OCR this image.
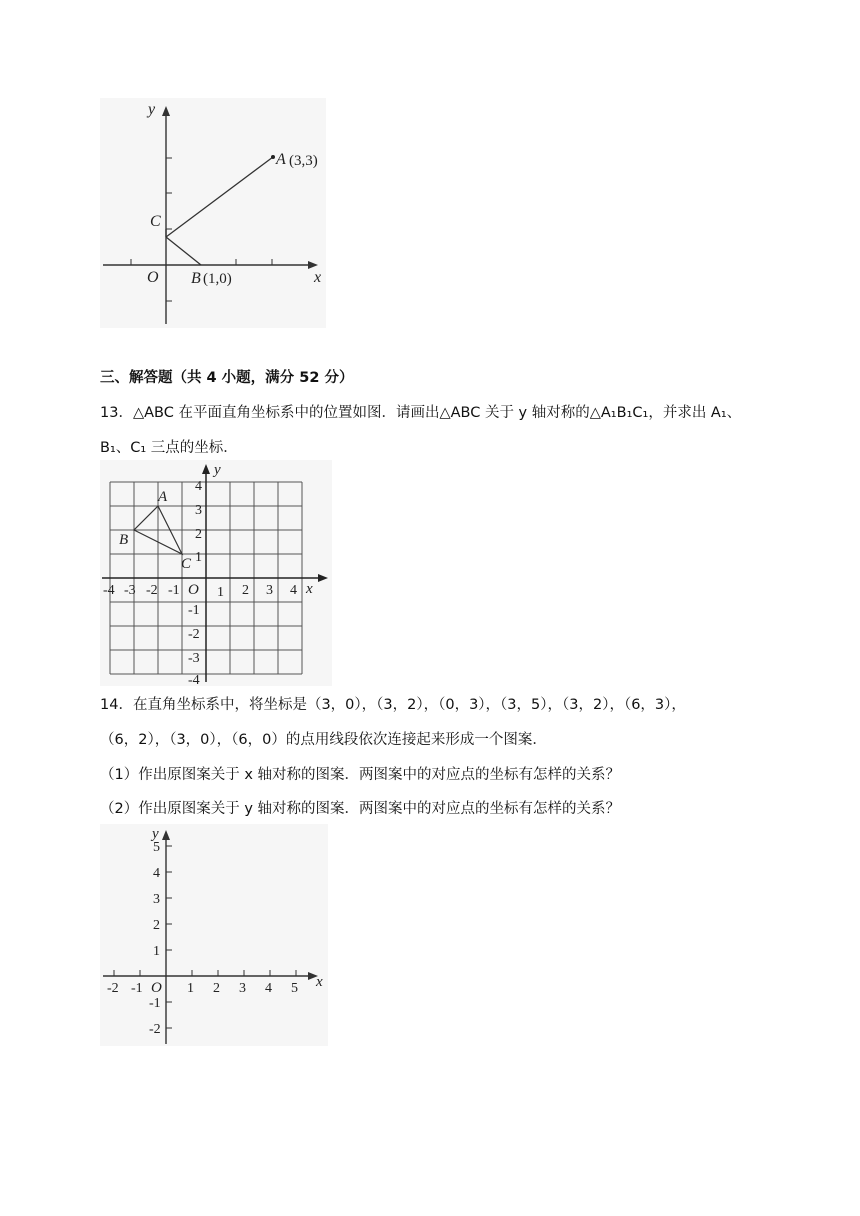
y
x
O
A (3,3)
B (1,0)
C
三、解答题（共 4 小题，满分 52 分）
13．△ABC 在平面直角坐标系中的位置如图．请画出△ABC 关于 y 轴对称的△A₁B₁C₁，并求出 A₁、
B₁、C₁ 三点的坐标．
A
B
C
y
x
O
-4 -3 -2 -1	1 2 3 4
4
3
2
1
-1
-2
-3
-4
14．在直角坐标系中，将坐标是（3，0），（3，2），（0，3），（3，5），（3，2），（6，3），
（6，2），（3，0），（6，0）的点用线段依次连接起来形成一个图案．
（1）作出原图案关于 x 轴对称的图案．两图案中的对应点的坐标有怎样的关系？
（2）作出原图案关于 y 轴对称的图案．两图案中的对应点的坐标有怎样的关系？
y
x
O
-2 -1	1 2 3 4 5
5
4
3
2
1
-1
-2
